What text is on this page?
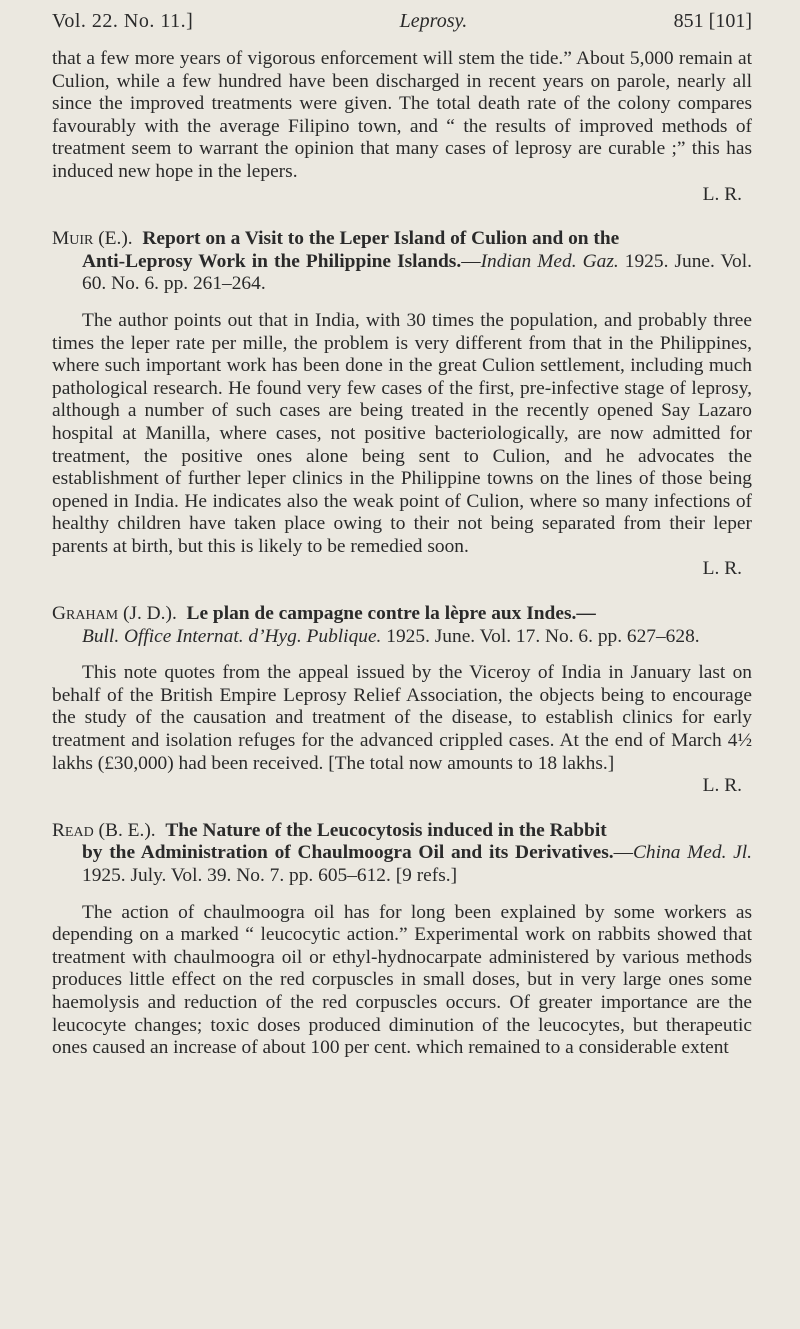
Vol. 22. No. 11.]	Leprosy.	851 [101]

that a few more years of vigorous enforcement will stem the tide.” About 5,000 remain at Culion, while a few hundred have been discharged in recent years on parole, nearly all since the improved treatments were given. The total death rate of the colony compares favourably with the average Filipino town, and “ the results of improved methods of treatment seem to warrant the opinion that many cases of leprosy are curable ;” this has induced new hope in the lepers.

L. R.

Muir (E.). Report on a Visit to the Leper Island of Culion and on the
Anti-Leprosy Work in the Philippine Islands.—Indian Med. Gaz. 1925. June. Vol. 60. No. 6. pp. 261–264.

The author points out that in India, with 30 times the population, and probably three times the leper rate per mille, the problem is very different from that in the Philippines, where such important work has been done in the great Culion settlement, including much pathological research. He found very few cases of the first, pre-infective stage of leprosy, although a number of such cases are being treated in the recently opened Say Lazaro hospital at Manilla, where cases, not positive bacteriologically, are now admitted for treatment, the positive ones alone being sent to Culion, and he advocates the establishment of further leper clinics in the Philippine towns on the lines of those being opened in India. He indicates also the weak point of Culion, where so many infections of healthy children have taken place owing to their not being separated from their leper parents at birth, but this is likely to be remedied soon.

L. R.

Graham (J. D.). Le plan de campagne contre la lèpre aux Indes.—
Bull. Office Internat. d’Hyg. Publique. 1925. June. Vol. 17. No. 6. pp. 627–628.

This note quotes from the appeal issued by the Viceroy of India in January last on behalf of the British Empire Leprosy Relief Association, the objects being to encourage the study of the causation and treatment of the disease, to establish clinics for early treatment and isolation refuges for the advanced crippled cases. At the end of March 4½ lakhs (£30,000) had been received. [The total now amounts to 18 lakhs.]

L. R.

Read (B. E.). The Nature of the Leucocytosis induced in the Rabbit
by the Administration of Chaulmoogra Oil and its Derivatives.—China Med. Jl. 1925. July. Vol. 39. No. 7. pp. 605–612. [9 refs.]

The action of chaulmoogra oil has for long been explained by some workers as depending on a marked “ leucocytic action.” Experimental work on rabbits showed that treatment with chaulmoogra oil or ethyl-hydnocarpate administered by various methods produces little effect on the red corpuscles in small doses, but in very large ones some haemolysis and reduction of the red corpuscles occurs. Of greater importance are the leucocyte changes; toxic doses produced diminution of the leucocytes, but therapeutic ones caused an increase of about 100 per cent. which remained to a considerable extent
